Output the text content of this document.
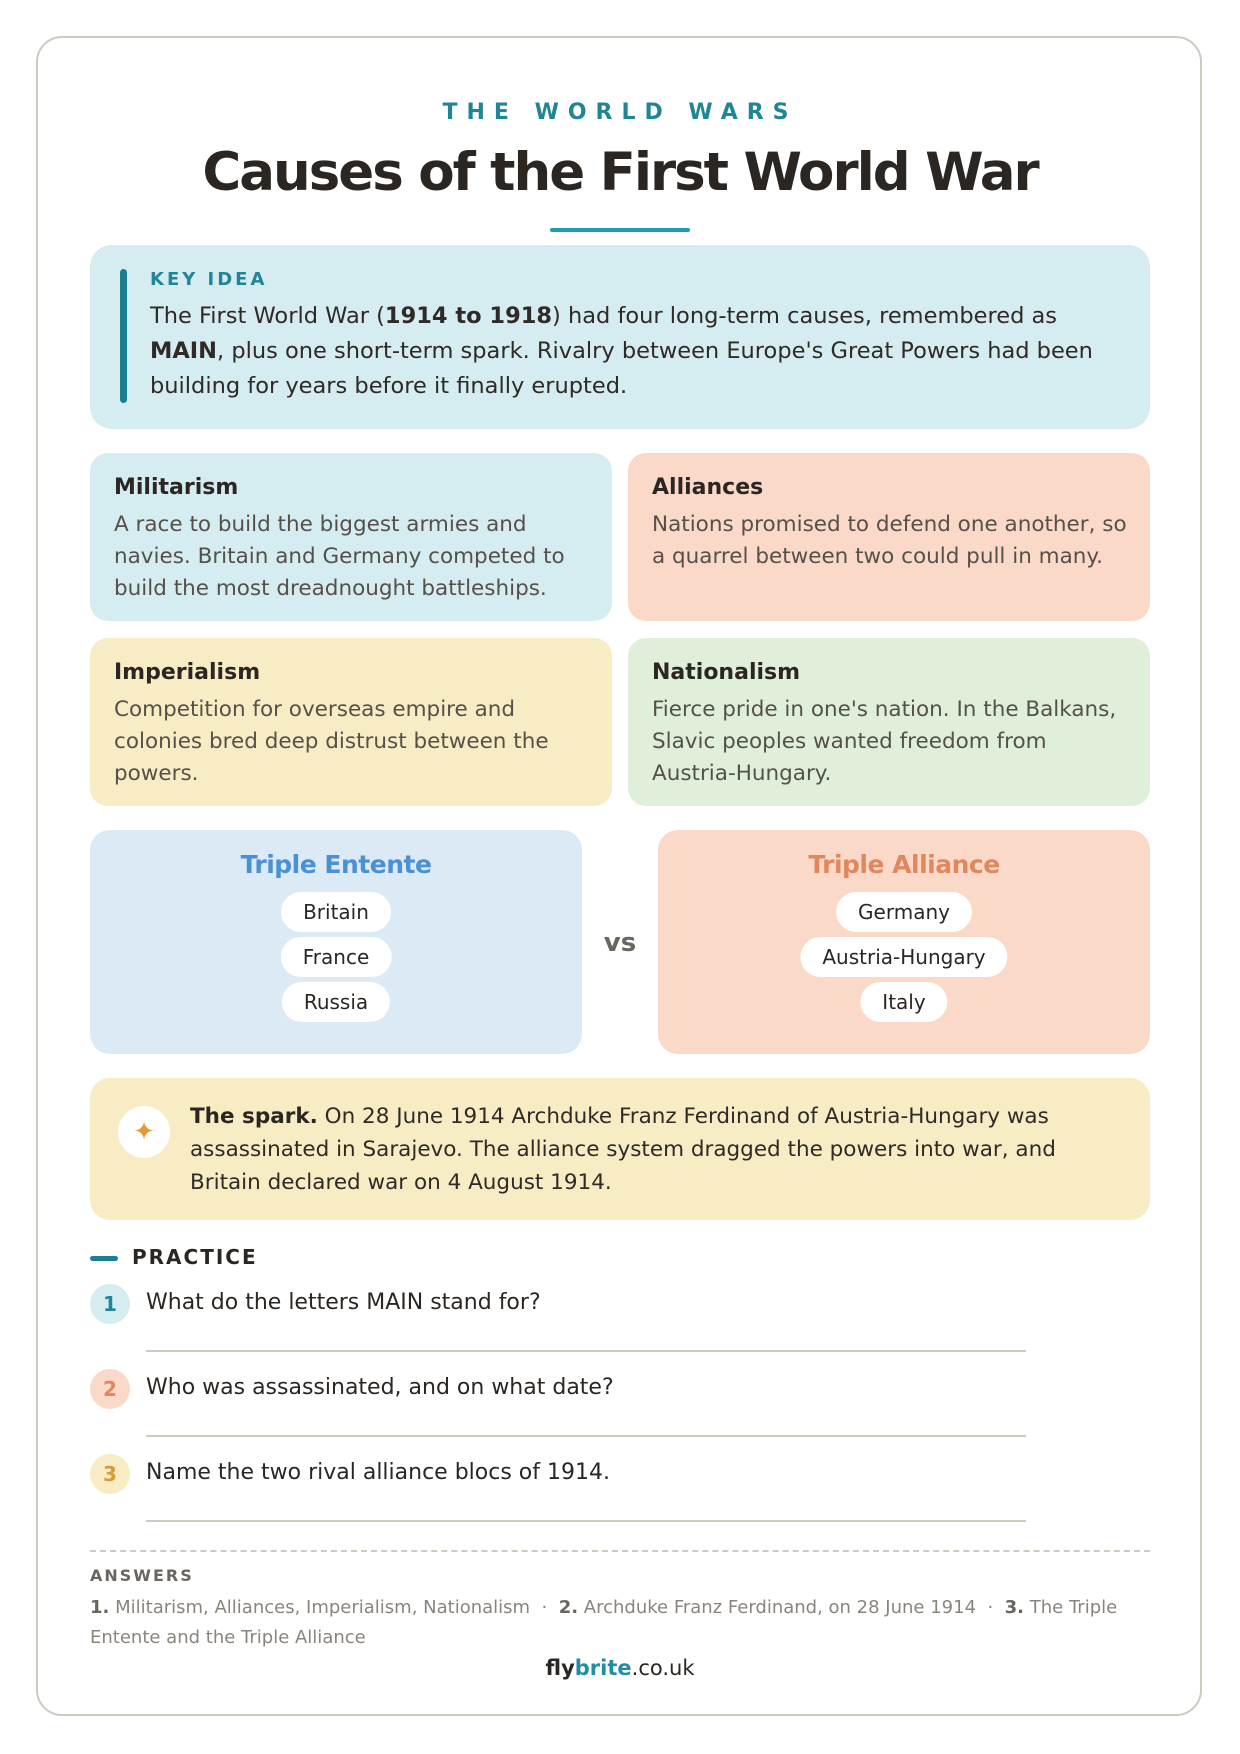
THE WORLD WARS
Causes of the First World War
KEY IDEA
The First World War (1914 to 1918) had four long-term causes, remembered as MAIN, plus one short-term spark. Rivalry between Europe's Great Powers had been building for years before it finally erupted.
Militarism
A race to build the biggest armies and navies. Britain and Germany competed to build the most dreadnought battleships.
Alliances
Nations promised to defend one another, so a quarrel between two could pull in many.
Imperialism
Competition for overseas empire and colonies bred deep distrust between the powers.
Nationalism
Fierce pride in one's nation. In the Balkans, Slavic peoples wanted freedom from Austria-Hungary.
Triple Entente
Britain
France
Russia
vs
Triple Alliance
Germany
Austria-Hungary
Italy
✦
The spark. On 28 June 1914 Archduke Franz Ferdinand of Austria-Hungary was assassinated in Sarajevo. The alliance system dragged the powers into war, and Britain declared war on 4 August 1914.
PRACTICE
1	What do the letters MAIN stand for?
2	Who was assassinated, and on what date?
3	Name the two rival alliance blocs of 1914.
ANSWERS
1. Militarism, Alliances, Imperialism, Nationalism  ·  2. Archduke Franz Ferdinand, on 28 June 1914  ·  3. The Triple Entente and the Triple Alliance
flybrite.co.uk
